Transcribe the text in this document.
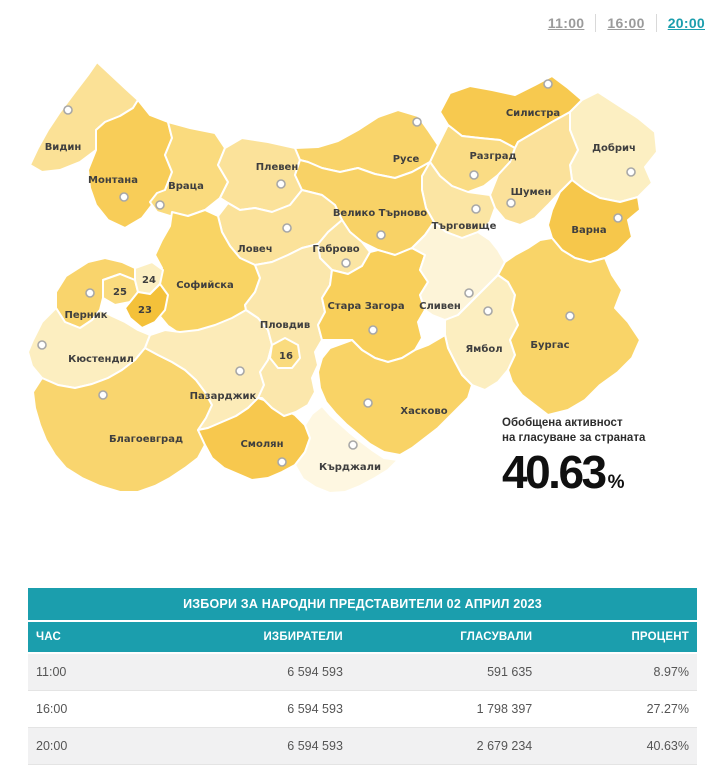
11:00 16:00 20:00
Видин
Монтана
Враца
Плевен
Русе
Силистра
Разград
Добрич
Шумен
Търговище
Велико Търново
Габрово
Ловеч
Софийска
Перник
25
24
23
Кюстендил
Благоевград
Пазарджик
Смолян
Пловдив
16
Стара Загора Сливен
Ямбол
Варна
Бургас
Хасково
Кърджали
Обобщена активност
на гласуване за страната
40.63 %
ИЗБОРИ ЗА НАРОДНИ ПРЕДСТАВИТЕЛИ 02 АПРИЛ 2023
ЧАС	ИЗБИРАТЕЛИ	ГЛАСУВАЛИ	ПРОЦЕНТ
11:00	6 594 593	591 635	8.97%
16:00	6 594 593	1 798 397	27.27%
20:00	6 594 593	2 679 234	40.63%
